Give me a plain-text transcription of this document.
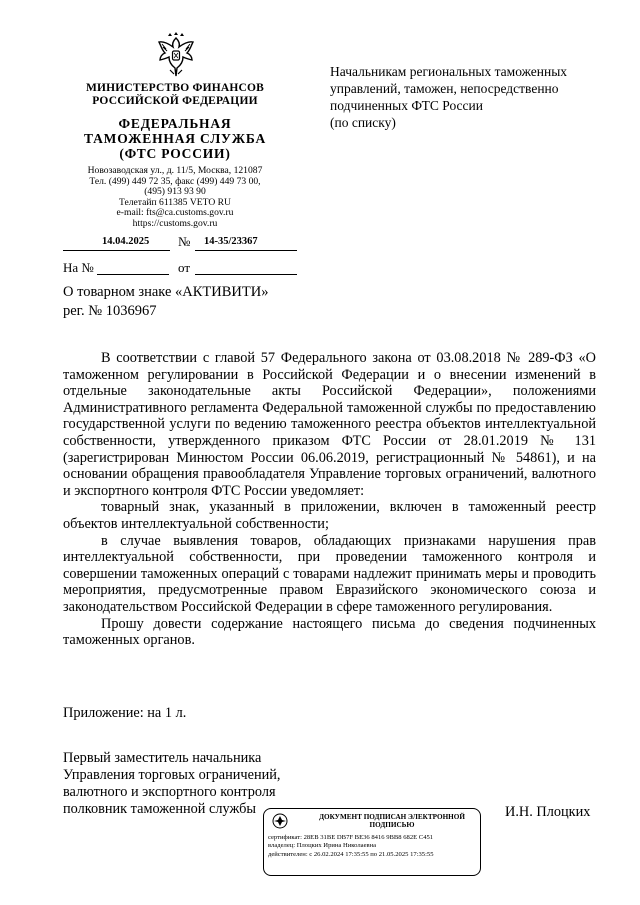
МИНИСТЕРСТВО ФИНАНСОВ
РОССИЙСКОЙ ФЕДЕРАЦИИ
ФЕДЕРАЛЬНАЯ
ТАМОЖЕННАЯ СЛУЖБА
(ФТС РОССИИ)
Новозаводская ул., д. 11/5, Москва, 121087
Тел. (499) 449 72 35, факс (499) 449 73 00,
(495) 913 93 90
Телетайп 611385 VETO RU
e-mail: fts@ca.customs.gov.ru
https://customs.gov.ru
Начальникам региональных таможенных
управлений, таможен, непосредственно
подчиненных ФТС России
(по списку)
14.04.2025 № 14-35/23367
На №	от
О товарном знаке «АКТИВИТИ»
рег. № 1036967

В соответствии с главой 57 Федерального закона от 03.08.2018 № 289-ФЗ «О таможенном регулировании в Российской Федерации и о внесении изменений в отдельные законодательные акты Российской Федерации», положениями Административного регламента Федеральной таможенной службы по предоставлению государственной услуги по ведению таможенного реестра объектов интеллектуальной собственности, утвержденного приказом ФТС России от 28.01.2019 № 131 (зарегистрирован Минюстом России 06.06.2019, регистрационный № 54861), и на основании обращения правообладателя Управление торговых ограничений, валютного и экспортного контроля ФТС России уведомляет:

товарный знак, указанный в приложении, включен в таможенный реестр объектов интеллектуальной собственности;

в случае выявления товаров, обладающих признаками нарушения прав интеллектуальной собственности, при проведении таможенного контроля и совершении таможенных операций с товарами надлежит принимать меры и проводить мероприятия, предусмотренные правом Евразийского экономического союза и законодательством Российской Федерации в сфере таможенного регулирования.

Прошу довести содержание настоящего письма до сведения подчиненных таможенных органов.

Приложение: на 1 л.
Первый заместитель начальника
Управления торговых ограничений,
валютного и экспортного контроля
полковник таможенной службы	И.Н. Плоцких
ДОКУМЕНТ ПОДПИСАН ЭЛЕКТРОННОЙ
ПОДПИСЬЮ
сертификат: 28EB 31BE DB7F BE36 8416 9BB8 682E C451
владелец: Плоцких Ирина Николаевна
действителен: с 26.02.2024 17:35:55 по 21.05.2025 17:35:55
